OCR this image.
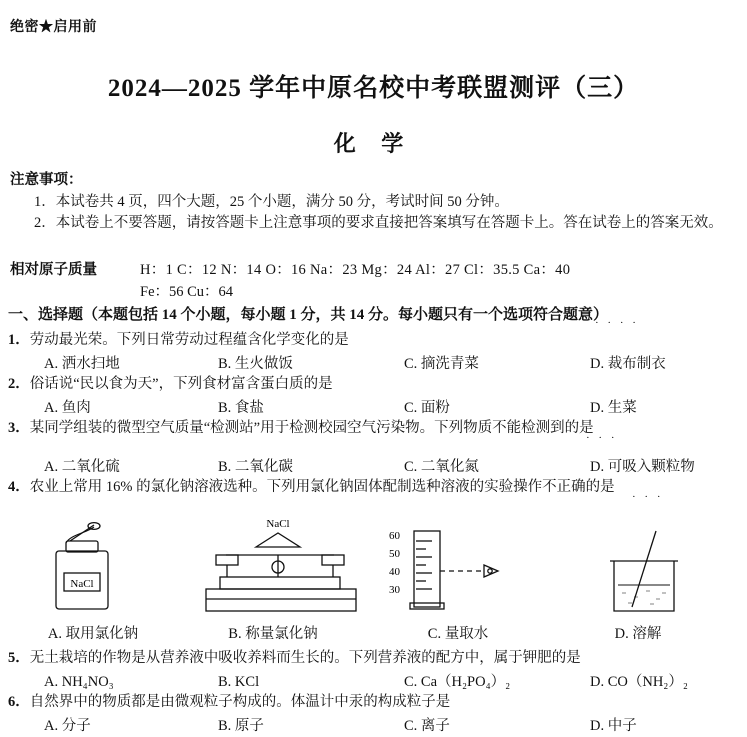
绝密★启用前
2024—2025 学年中原名校中考联盟测评（三）
化 学
注意事项：
1．本试卷共 4 页，四个大题，25 个小题，满分 50 分，考试时间 50 分钟。
2．本试卷上不要答题，请按答题卡上注意事项的要求直接把答案填写在答题卡上。答在试卷上的答案无效。
相对原子质量	H：1 C：12 N：14 O：16 Na：23 Mg：24 Al：27 Cl：35.5 Ca：40
Fe：56 Cu：64
一、选择题（本题包括 14 个小题，每小题 1 分，共 14 分。每小题只有一个选项符合题意）
· · · ·
1．劳动最光荣。下列日常劳动过程蕴含化学变化的是
A. 洒水扫地	B. 生火做饭	C. 摘洗青菜	D. 裁布制衣
2．俗话说“民以食为天”，下列食材富含蛋白质的是
A. 鱼肉	B. 食盐	C. 面粉	D. 生菜
3．某同学组装的微型空气质量“检测站”用于检测校园空气污染物。下列物质不能检测到的是
· · ·
A. 二氧化硫	B. 二氧化碳	C. 二氧化氮	D. 可吸入颗粒物
4．农业上常用 16% 的氯化钠溶液选种。下列用氯化钠固体配制选种溶液的实验操作不正确的是
· · ·
NaCl
NaCl
60
50
40
30
A. 取用氯化钠	B. 称量氯化钠	C. 量取水	D. 溶解
5．无土栽培的作物是从营养液中吸收养料而生长的。下列营养液的配方中，属于钾肥的是
A. NH₄NO₃	B. KCl	C. Ca（H₂PO₄）₂	D. CO（NH₂）₂
6．自然界中的物质都是由微观粒子构成的。体温计中汞的构成粒子是
A. 分子	B. 原子	C. 离子	D. 中子
